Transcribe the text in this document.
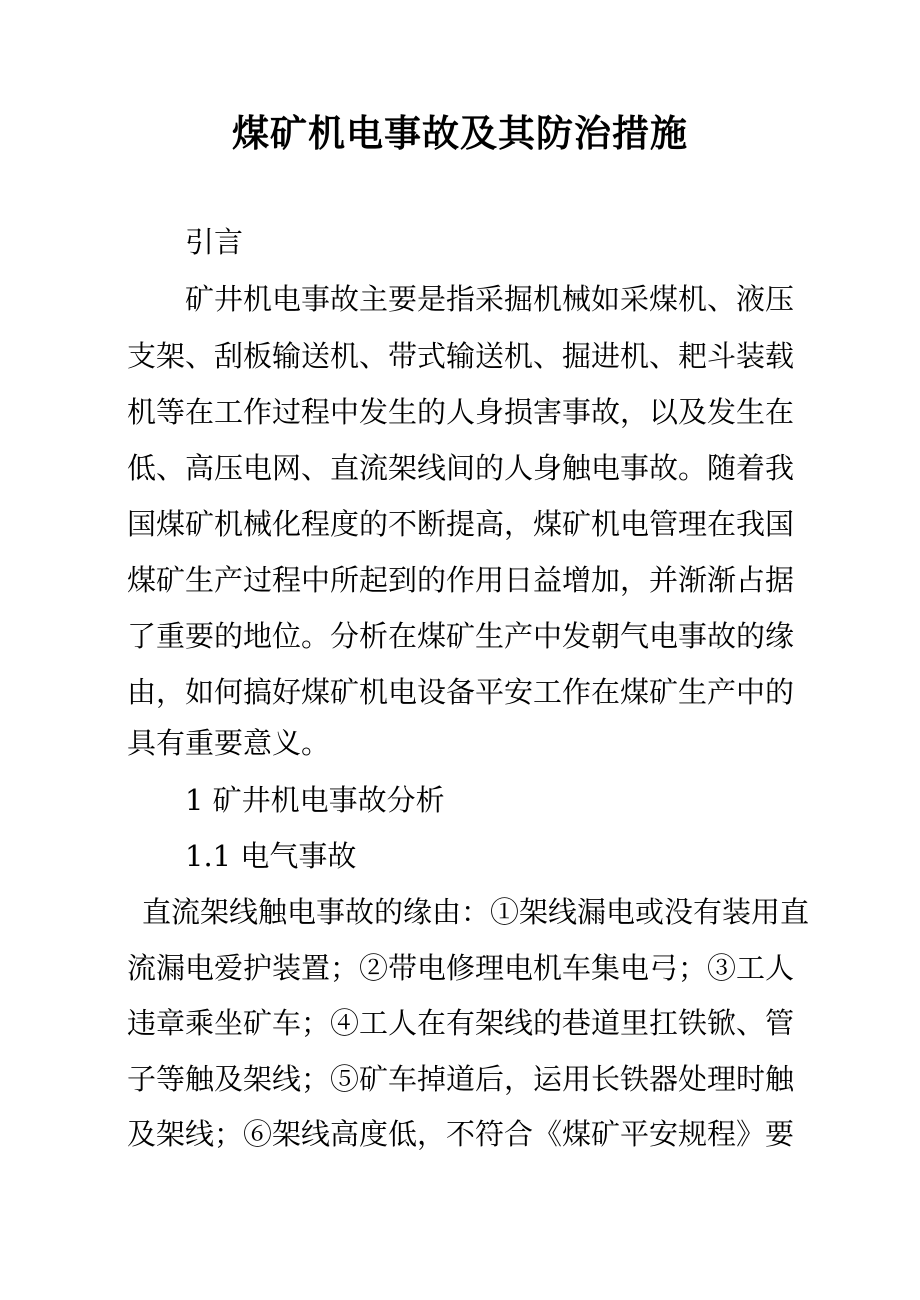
煤矿机电事故及其防治措施
引言
矿井机电事故主要是指采掘机械如采煤机、液压
支架、刮板输送机、带式输送机、掘进机、耙斗装载
机等在工作过程中发生的人身损害事故，以及发生在
低、高压电网、直流架线间的人身触电事故。随着我
国煤矿机械化程度的不断提高，煤矿机电管理在我国
煤矿生产过程中所起到的作用日益增加，并渐渐占据
了重要的地位。分析在煤矿生产中发朝气电事故的缘
由，如何搞好煤矿机电设备平安工作在煤矿生产中的
具有重要意义。
1 矿井机电事故分析
1.1 电气事故
直流架线触电事故的缘由：①架线漏电或没有装用直
流漏电爱护装置；②带电修理电机车集电弓；③工人
违章乘坐矿车；④工人在有架线的巷道里扛铁锨、管
子等触及架线；⑤矿车掉道后，运用长铁器处理时触
及架线；⑥架线高度低，不符合《煤矿平安规程》要
